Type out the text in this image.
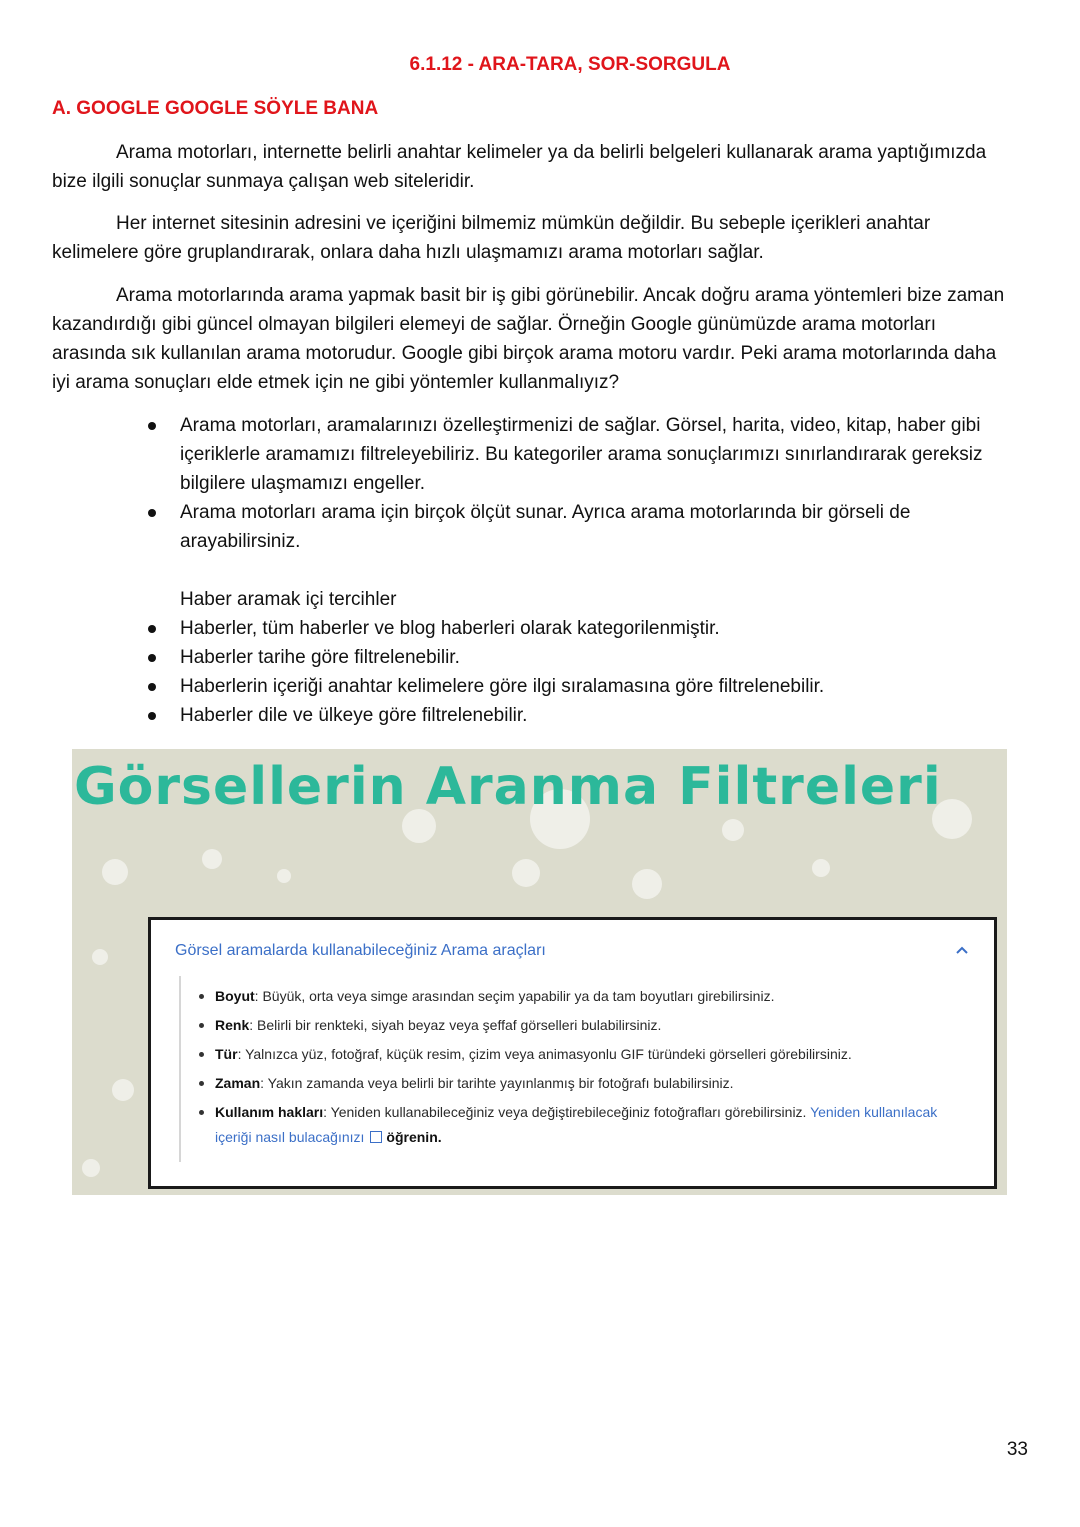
6.1.12 - ARA-TARA, SOR-SORGULA
A. GOOGLE GOOGLE SÖYLE BANA

Arama motorları, internette belirli anahtar kelimeler ya da belirli belgeleri kullanarak arama yaptığımızda bize ilgili sonuçlar sunmaya çalışan web siteleridir.

Her internet sitesinin adresini ve içeriğini bilmemiz mümkün değildir. Bu sebeple içerikleri anahtar kelimelere göre gruplandırarak, onlara daha hızlı ulaşmamızı arama motorları sağlar.

Arama motorlarında arama yapmak basit bir iş gibi görünebilir. Ancak doğru arama yöntemleri bize zaman kazandırdığı gibi güncel olmayan bilgileri elemeyi de sağlar. Örneğin Google günümüzde arama motorları arasında sık kullanılan arama motorudur. Google gibi birçok arama motoru vardır. Peki arama motorlarında daha iyi arama sonuçları elde etmek için ne gibi yöntemler kullanmalıyız?

Arama motorları, aramalarınızı özelleştirmenizi de sağlar. Görsel, harita, video, kitap, haber gibi içeriklerle aramamızı filtreleyebiliriz. Bu kategoriler arama sonuçlarımızı sınırlandırarak gereksiz bilgilere ulaşmamızı engeller.
Arama motorları arama için birçok ölçüt sunar. Ayrıca arama motorlarında bir görseli de arayabilirsiniz.
Haber aramak içi tercihler
Haberler, tüm haberler ve blog haberleri olarak kategorilenmiştir.
Haberler tarihe göre filtrelenebilir.
Haberlerin içeriği anahtar kelimelere göre ilgi sıralamasına göre filtrelenebilir.
Haberler dile ve ülkeye göre filtrelenebilir.
Görsellerin Aranma Filtreleri
Görsel aramalarda kullanabileceğiniz Arama araçları
Boyut: Büyük, orta veya simge arasından seçim yapabilir ya da tam boyutları girebilirsiniz.
Renk: Belirli bir renkteki, siyah beyaz veya şeffaf görselleri bulabilirsiniz.
Tür: Yalnızca yüz, fotoğraf, küçük resim, çizim veya animasyonlu GIF türündeki görselleri görebilirsiniz.
Zaman: Yakın zamanda veya belirli bir tarihte yayınlanmış bir fotoğrafı bulabilirsiniz.
Kullanım hakları: Yeniden kullanabileceğiniz veya değiştirebileceğiniz fotoğrafları görebilirsiniz. Yeniden kullanılacak içeriği nasıl bulacağınızı öğrenin.
33
